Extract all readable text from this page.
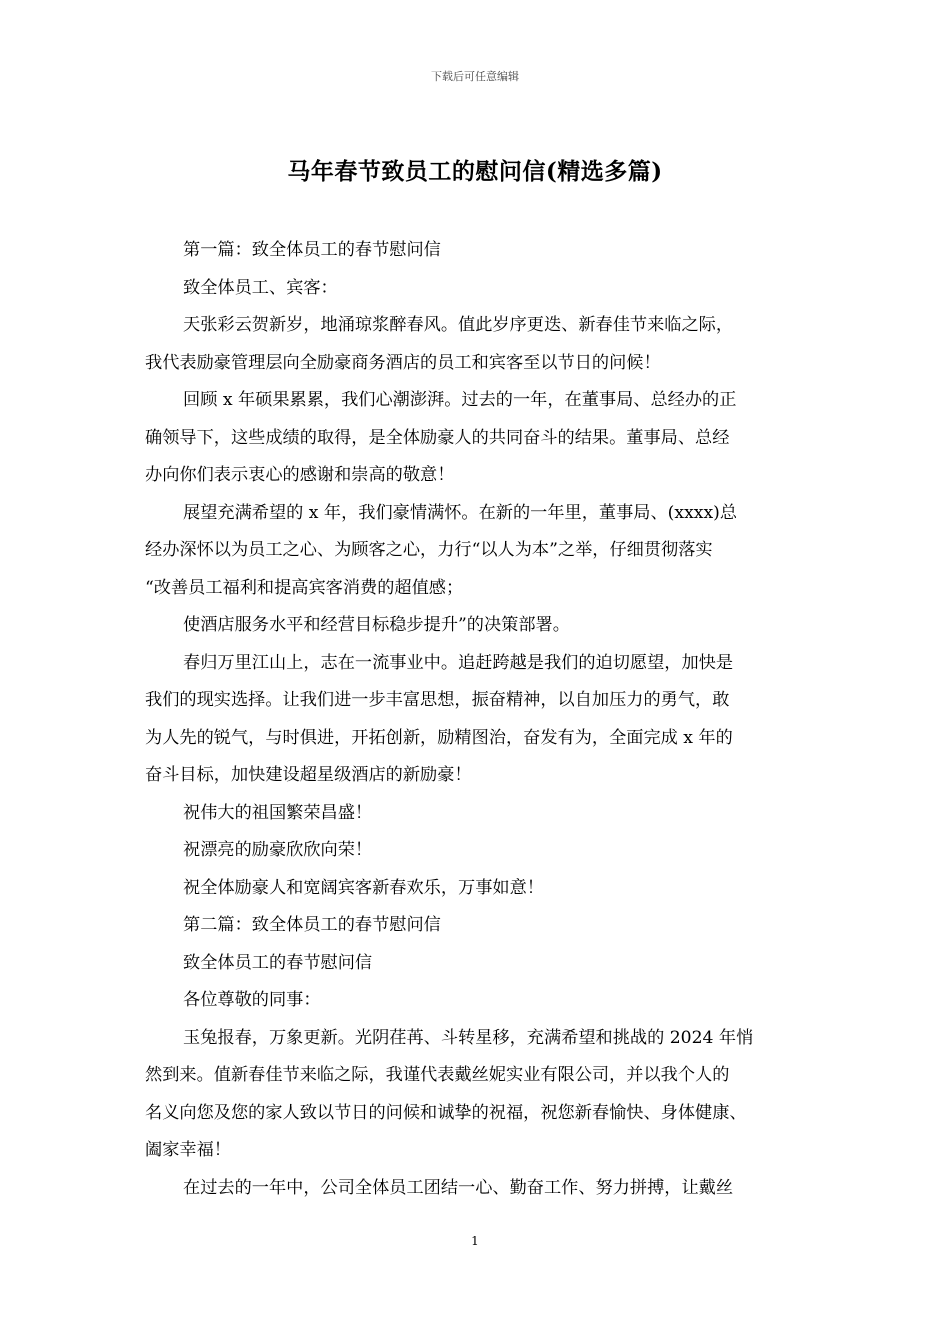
下载后可任意编辑
马年春节致员工的慰问信(精选多篇)
第一篇：致全体员工的春节慰问信
致全体员工、宾客：
天张彩云贺新岁，地涌琼浆醉春风。值此岁序更迭、新春佳节来临之际，
我代表励豪管理层向全励豪商务酒店的员工和宾客至以节日的问候！
回顾 x 年硕果累累，我们心潮澎湃。过去的一年，在董事局、总经办的正
确领导下，这些成绩的取得，是全体励豪人的共同奋斗的结果。董事局、总经
办向你们表示衷心的感谢和崇高的敬意！
展望充满希望的 x 年，我们豪情满怀。在新的一年里，董事局、(xxxx)总
经办深怀以为员工之心、为顾客之心，力行“以人为本”之举，仔细贯彻落实
“改善员工福利和提高宾客消费的超值感；
使酒店服务水平和经营目标稳步提升”的决策部署。
春归万里江山上，志在一流事业中。追赶跨越是我们的迫切愿望，加快是
我们的现实选择。让我们进一步丰富思想，振奋精神，以自加压力的勇气，敢
为人先的锐气，与时俱进，开拓创新，励精图治，奋发有为，全面完成 x 年的
奋斗目标，加快建设超星级酒店的新励豪！
祝伟大的祖国繁荣昌盛！
祝漂亮的励豪欣欣向荣！
祝全体励豪人和宽阔宾客新春欢乐，万事如意！
第二篇：致全体员工的春节慰问信
致全体员工的春节慰问信
各位尊敬的同事：
玉兔报春，万象更新。光阴荏苒、斗转星移，充满希望和挑战的 2024 年悄
然到来。值新春佳节来临之际，我谨代表戴丝妮实业有限公司，并以我个人的
名义向您及您的家人致以节日的问候和诚挚的祝福，祝您新春愉快、身体健康、
阖家幸福！
在过去的一年中，公司全体员工团结一心、勤奋工作、努力拼搏，让戴丝
1
